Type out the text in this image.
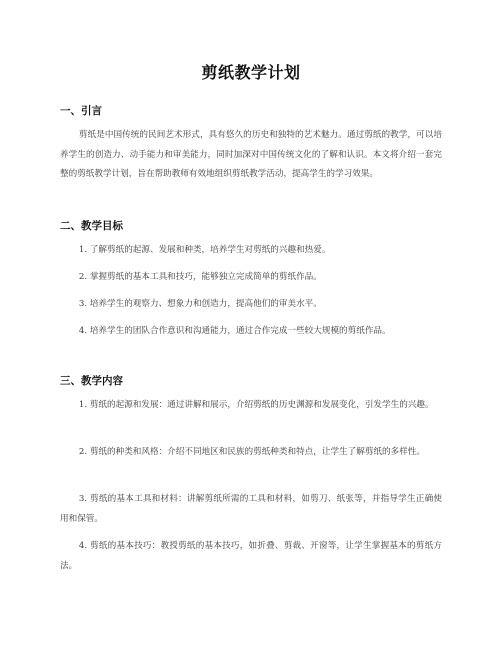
剪纸教学计划
一、引言

剪纸是中国传统的民间艺术形式，具有悠久的历史和独特的艺术魅力。通过剪纸的教学，可以培养学生的创造力、动手能力和审美能力，同时加深对中国传统文化的了解和认识。本文将介绍一套完整的剪纸教学计划，旨在帮助教师有效地组织剪纸教学活动，提高学生的学习效果。

二、教学目标

1. 了解剪纸的起源、发展和种类，培养学生对剪纸的兴趣和热爱。

2. 掌握剪纸的基本工具和技巧，能够独立完成简单的剪纸作品。

3. 培养学生的观察力、想象力和创造力，提高他们的审美水平。

4. 培养学生的团队合作意识和沟通能力，通过合作完成一些较大规模的剪纸作品。

三、教学内容

1. 剪纸的起源和发展：通过讲解和展示，介绍剪纸的历史渊源和发展变化，引发学生的兴趣。

2. 剪纸的种类和风格：介绍不同地区和民族的剪纸种类和特点，让学生了解剪纸的多样性。

3. 剪纸的基本工具和材料：讲解剪纸所需的工具和材料，如剪刀、纸张等，并指导学生正确使用和保管。

4. 剪纸的基本技巧：教授剪纸的基本技巧，如折叠、剪裁、开窗等，让学生掌握基本的剪纸方法。
